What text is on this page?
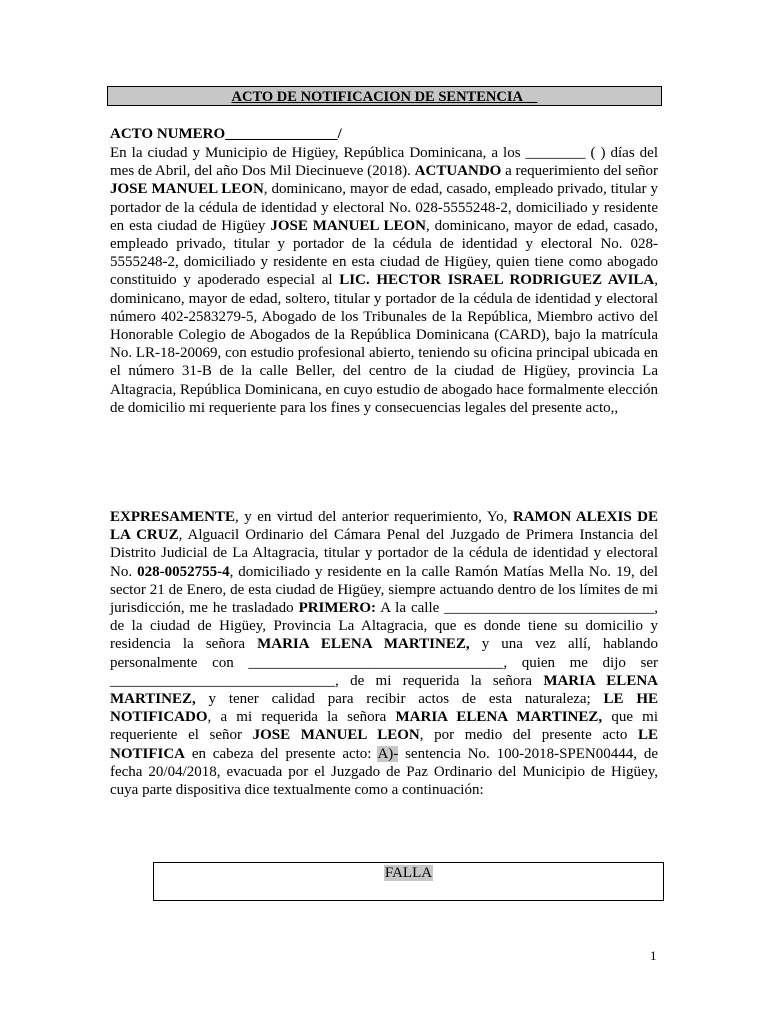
ACTO DE NOTIFICACION DE SENTENCIA__
ACTO NUMERO_______________/
En la ciudad y Municipio de Higüey, República Dominicana, a los ________ ( ) días del mes de Abril, del año Dos Mil Diecinueve (2018). ACTUANDO a requerimiento del señor JOSE MANUEL LEON, dominicano, mayor de edad, casado, empleado privado, titular y portador de la cédula de identidad y electoral No. 028-5555248-2, domiciliado y residente en esta ciudad de Higüey JOSE MANUEL LEON, dominicano, mayor de edad, casado, empleado privado, titular y portador de la cédula de identidad y electoral No. 028-5555248-2, domiciliado y residente en esta ciudad de Higüey, quien tiene como abogado constituido y apoderado especial al LIC. HECTOR ISRAEL RODRIGUEZ AVILA, dominicano, mayor de edad, soltero, titular y portador de la cédula de identidad y electoral número 402-2583279-5, Abogado de los Tribunales de la República, Miembro activo del Honorable Colegio de Abogados de la República Dominicana (CARD), bajo la matrícula No. LR-18-20069, con estudio profesional abierto, teniendo su oficina principal ubicada en el número 31-B de la calle Beller, del centro de la ciudad de Higüey, provincia La Altagracia, República Dominicana, en cuyo estudio de abogado hace formalmente elección de domicilio mi requeriente para los fines y consecuencias legales del presente acto,,
EXPRESAMENTE, y en virtud del anterior requerimiento, Yo, RAMON ALEXIS DE LA CRUZ, Alguacil Ordinario del Cámara Penal del Juzgado de Primera Instancia del Distrito Judicial de La Altagracia, titular y portador de la cédula de identidad y electoral No. 028-0052755-4, domiciliado y residente en la calle Ramón Matías Mella No. 19, del sector 21 de Enero, de esta ciudad de Higüey, siempre actuando dentro de los límites de mi jurisdicción, me he trasladado PRIMERO: A la calle ____________________________, de la ciudad de Higüey, Provincia La Altagracia, que es donde tiene su domicilio y residencia la señora MARIA ELENA MARTINEZ, y una vez allí, hablando personalmente con __________________________________, quien me dijo ser ______________________________, de mi requerida la señora MARIA ELENA MARTINEZ, y tener calidad para recibir actos de esta naturaleza; LE HE NOTIFICADO, a mi requerida la señora MARIA ELENA MARTINEZ, que mi requeriente el señor JOSE MANUEL LEON, por medio del presente acto LE NOTIFICA en cabeza del presente acto: A)- sentencia No. 100-2018-SPEN00444, de fecha 20/04/2018, evacuada por el Juzgado de Paz Ordinario del Municipio de Higüey, cuya parte dispositiva dice textualmente como a continuación:
FALLA
1
